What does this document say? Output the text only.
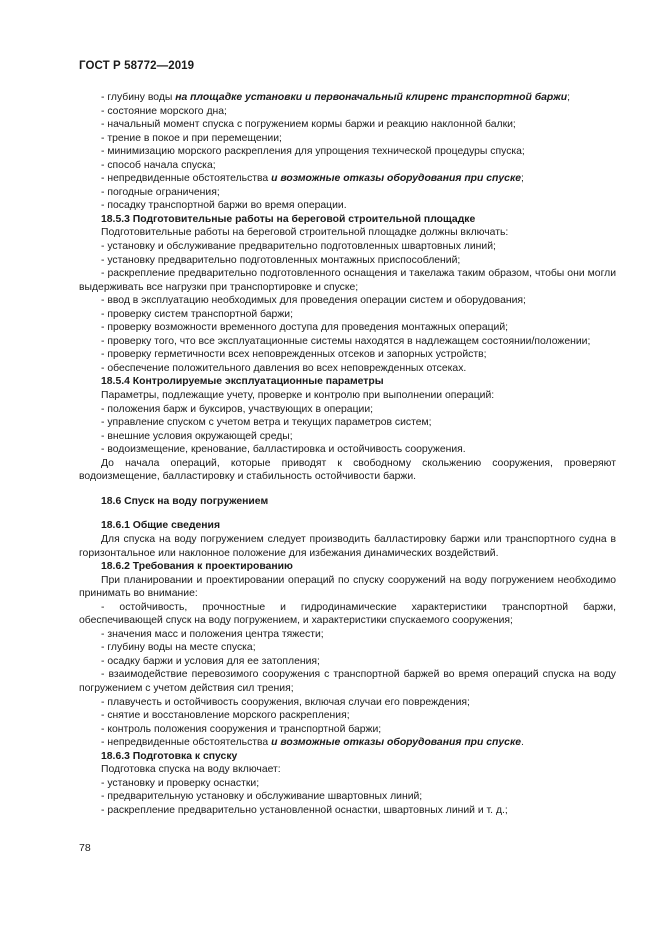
ГОСТ Р 58772—2019

- глубину воды на площадке установки и первоначальный клиренс транспортной баржи;

- состояние морского дна;

- начальный момент спуска с погружением кормы баржи и реакцию наклонной балки;

- трение в покое и при перемещении;

- минимизацию морского раскрепления для упрощения технической процедуры спуска;

- способ начала спуска;

- непредвиденные обстоятельства и возможные отказы оборудования при спуске;

- погодные ограничения;

- посадку транспортной баржи во время операции.

18.5.3 Подготовительные работы на береговой строительной площадке

Подготовительные работы на береговой строительной площадке должны включать:

- установку и обслуживание предварительно подготовленных швартовных линий;

- установку предварительно подготовленных монтажных приспособлений;

- раскрепление предварительно подготовленного оснащения и такелажа таким образом, чтобы они могли выдерживать все нагрузки при транспортировке и спуске;

- ввод в эксплуатацию необходимых для проведения операции систем и оборудования;

- проверку систем транспортной баржи;

- проверку возможности временного доступа для проведения монтажных операций;

- проверку того, что все эксплуатационные системы находятся в надлежащем состоянии/положении;

- проверку герметичности всех неповрежденных отсеков и запорных устройств;

- обеспечение положительного давления во всех неповрежденных отсеках.

18.5.4 Контролируемые эксплуатационные параметры

Параметры, подлежащие учету, проверке и контролю при выполнении операций:

- положения барж и буксиров, участвующих в операции;

- управление спуском с учетом ветра и текущих параметров систем;

- внешние условия окружающей среды;

- водоизмещение, кренование, балластировка и остойчивость сооружения.

До начала операций, которые приводят к свободному скольжению сооружения, проверяют водоизмещение, балластировку и стабильность остойчивости баржи.

18.6 Спуск на воду погружением

18.6.1 Общие сведения

Для спуска на воду погружением следует производить балластировку баржи или транспортного судна в горизонтальное или наклонное положение для избежания динамических воздействий.

18.6.2 Требования к проектированию

При планировании и проектировании операций по спуску сооружений на воду погружением необходимо принимать во внимание:

- остойчивость, прочностные и гидродинамические характеристики транспортной баржи, обеспечивающей спуск на воду погружением, и характеристики спускаемого сооружения;

- значения масс и положения центра тяжести;

- глубину воды на месте спуска;

- осадку баржи и условия для ее затопления;

- взаимодействие перевозимого сооружения с транспортной баржей во время операций спуска на воду погружением с учетом действия сил трения;

- плавучесть и остойчивость сооружения, включая случаи его повреждения;

- снятие и восстановление морского раскрепления;

- контроль положения сооружения и транспортной баржи;

- непредвиденные обстоятельства и возможные отказы оборудования при спуске.

18.6.3 Подготовка к спуску

Подготовка спуска на воду включает:

- установку и проверку оснастки;

- предварительную установку и обслуживание швартовных линий;

- раскрепление предварительно установленной оснастки, швартовных линий и т. д.;

78
